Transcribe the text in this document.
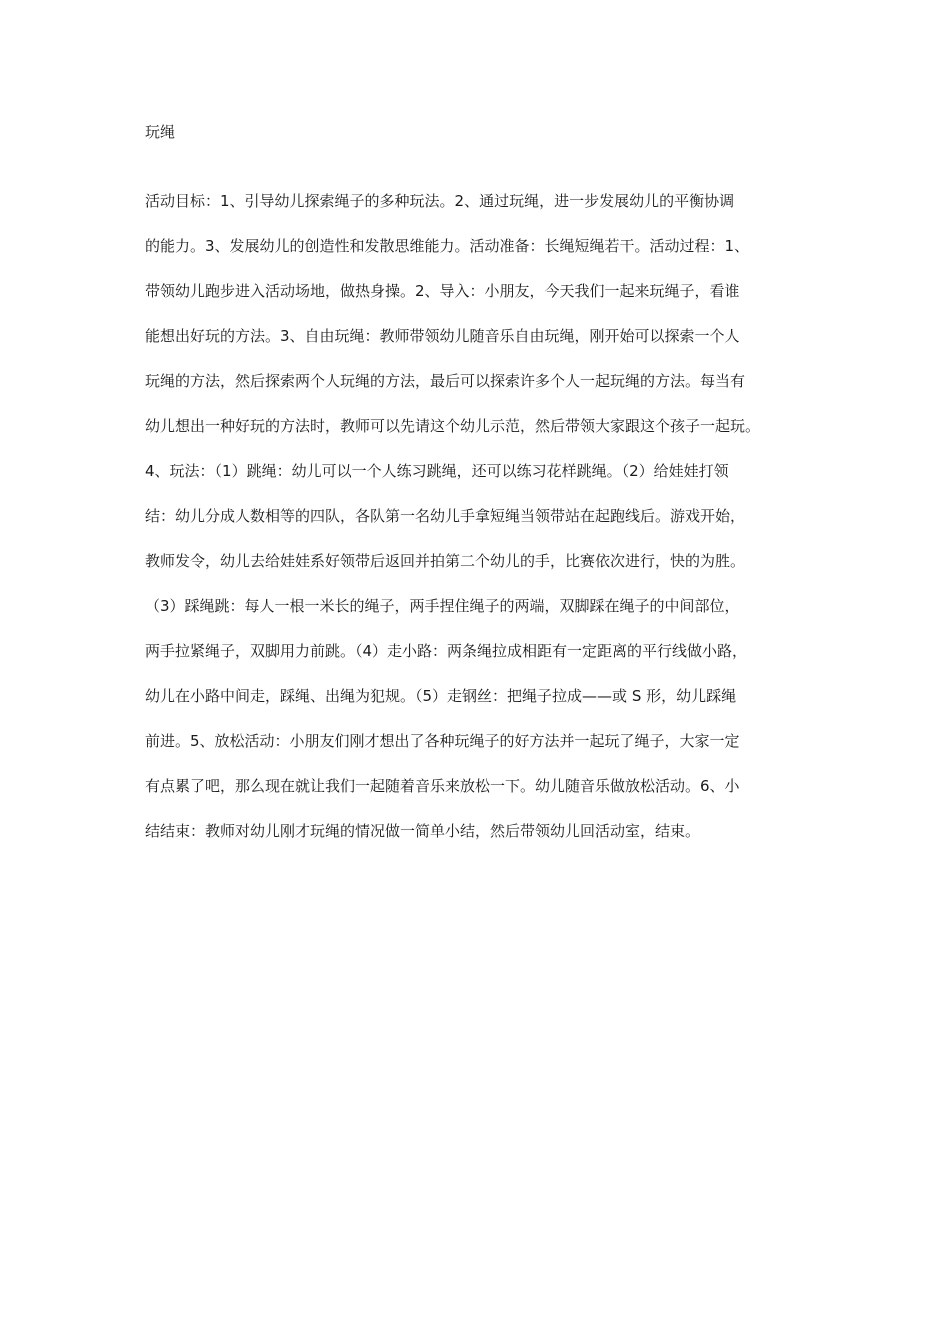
玩绳
活动目标：1、引导幼儿探索绳子的多种玩法。2、通过玩绳，进一步发展幼儿的平衡协调
的能力。3、发展幼儿的创造性和发散思维能力。活动准备：长绳短绳若干。活动过程：1、
带领幼儿跑步进入活动场地，做热身操。2、导入：小朋友，今天我们一起来玩绳子，看谁
能想出好玩的方法。3、自由玩绳：教师带领幼儿随音乐自由玩绳，刚开始可以探索一个人
玩绳的方法，然后探索两个人玩绳的方法，最后可以探索许多个人一起玩绳的方法。每当有
幼儿想出一种好玩的方法时，教师可以先请这个幼儿示范，然后带领大家跟这个孩子一起玩。
4、玩法：（1）跳绳：幼儿可以一个人练习跳绳，还可以练习花样跳绳。（2）给娃娃打领
结：幼儿分成人数相等的四队，各队第一名幼儿手拿短绳当领带站在起跑线后。游戏开始，
教师发令，幼儿去给娃娃系好领带后返回并拍第二个幼儿的手，比赛依次进行，快的为胜。
（3）踩绳跳：每人一根一米长的绳子，两手捏住绳子的两端，双脚踩在绳子的中间部位，
两手拉紧绳子，双脚用力前跳。（4）走小路：两条绳拉成相距有一定距离的平行线做小路，
幼儿在小路中间走，踩绳、出绳为犯规。（5）走钢丝：把绳子拉成——或 S 形，幼儿踩绳
前进。5、放松活动：小朋友们刚才想出了各种玩绳子的好方法并一起玩了绳子，大家一定
有点累了吧，那么现在就让我们一起随着音乐来放松一下。幼儿随音乐做放松活动。6、小
结结束：教师对幼儿刚才玩绳的情况做一简单小结，然后带领幼儿回活动室，结束。
